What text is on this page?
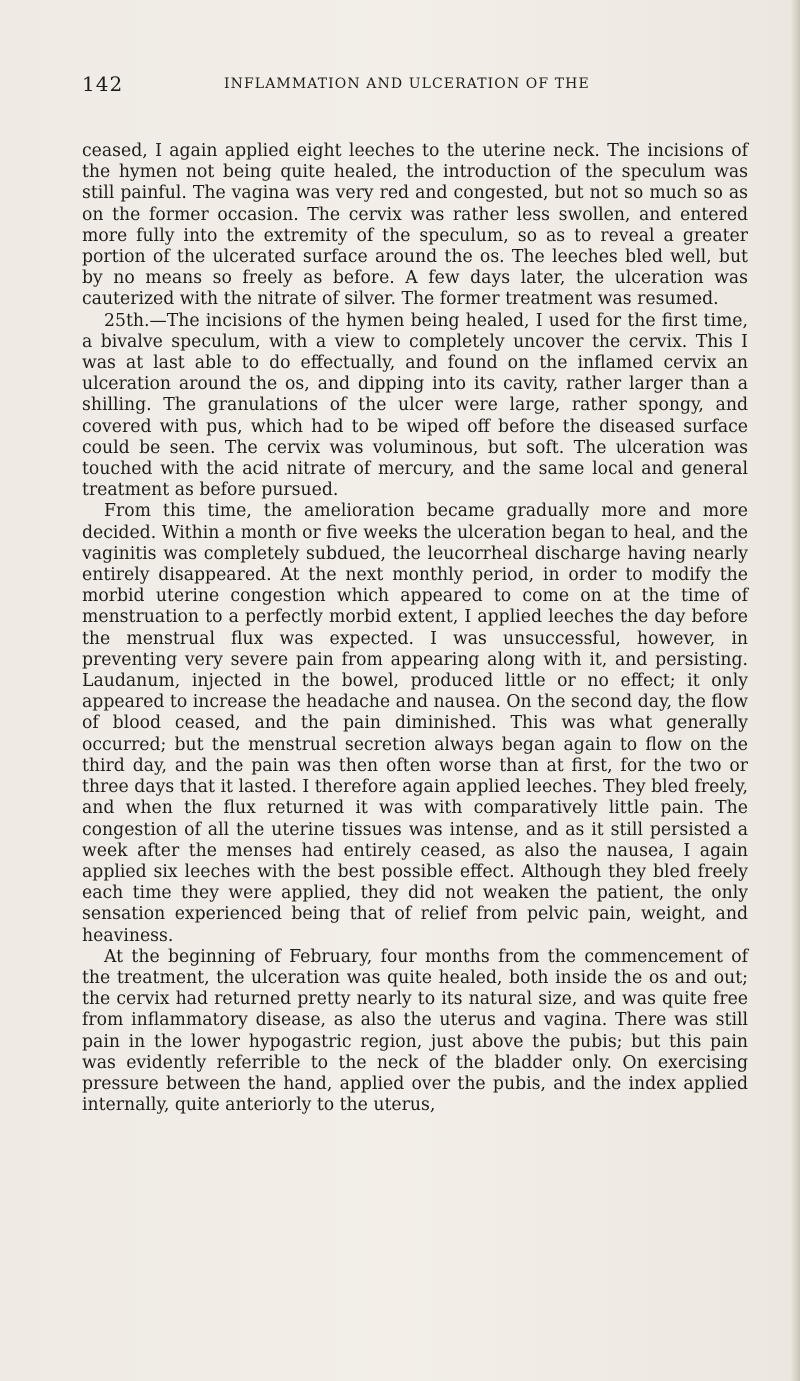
142	INFLAMMATION AND ULCERATION OF THE

ceased, I again applied eight leeches to the uterine neck. The incisions of the hymen not being quite healed, the introduction of the speculum was still painful. The vagina was very red and congested, but not so much so as on the former occasion. The cervix was rather less swollen, and entered more fully into the extremity of the speculum, so as to reveal a greater portion of the ulcerated surface around the os. The leeches bled well, but by no means so freely as before. A few days later, the ulceration was cauterized with the nitrate of silver. The former treatment was resumed.

25th.—The incisions of the hymen being healed, I used for the first time, a bivalve speculum, with a view to completely uncover the cervix. This I was at last able to do effectually, and found on the inflamed cervix an ulceration around the os, and dipping into its cavity, rather larger than a shilling. The granulations of the ulcer were large, rather spongy, and covered with pus, which had to be wiped off before the diseased surface could be seen. The cervix was voluminous, but soft. The ulceration was touched with the acid nitrate of mercury, and the same local and general treatment as before pursued.

From this time, the amelioration became gradually more and more decided. Within a month or five weeks the ulceration began to heal, and the vaginitis was completely subdued, the leucorrheal discharge having nearly entirely disappeared. At the next monthly period, in order to modify the morbid uterine congestion which appeared to come on at the time of menstruation to a perfectly morbid extent, I applied leeches the day before the menstrual flux was expected. I was unsuccessful, however, in preventing very severe pain from appearing along with it, and persisting. Laudanum, injected in the bowel, produced little or no effect; it only appeared to increase the headache and nausea. On the second day, the flow of blood ceased, and the pain diminished. This was what generally occurred; but the menstrual secretion always began again to flow on the third day, and the pain was then often worse than at first, for the two or three days that it lasted. I therefore again applied leeches. They bled freely, and when the flux returned it was with comparatively little pain. The congestion of all the uterine tissues was intense, and as it still persisted a week after the menses had entirely ceased, as also the nausea, I again applied six leeches with the best possible effect. Although they bled freely each time they were applied, they did not weaken the patient, the only sensation experienced being that of relief from pelvic pain, weight, and heaviness.

At the beginning of February, four months from the commencement of the treatment, the ulceration was quite healed, both inside the os and out; the cervix had returned pretty nearly to its natural size, and was quite free from inflammatory disease, as also the uterus and vagina. There was still pain in the lower hypogastric region, just above the pubis; but this pain was evidently referrible to the neck of the bladder only. On exercising pressure between the hand, applied over the pubis, and the index applied internally, quite anteriorly to the uterus,
